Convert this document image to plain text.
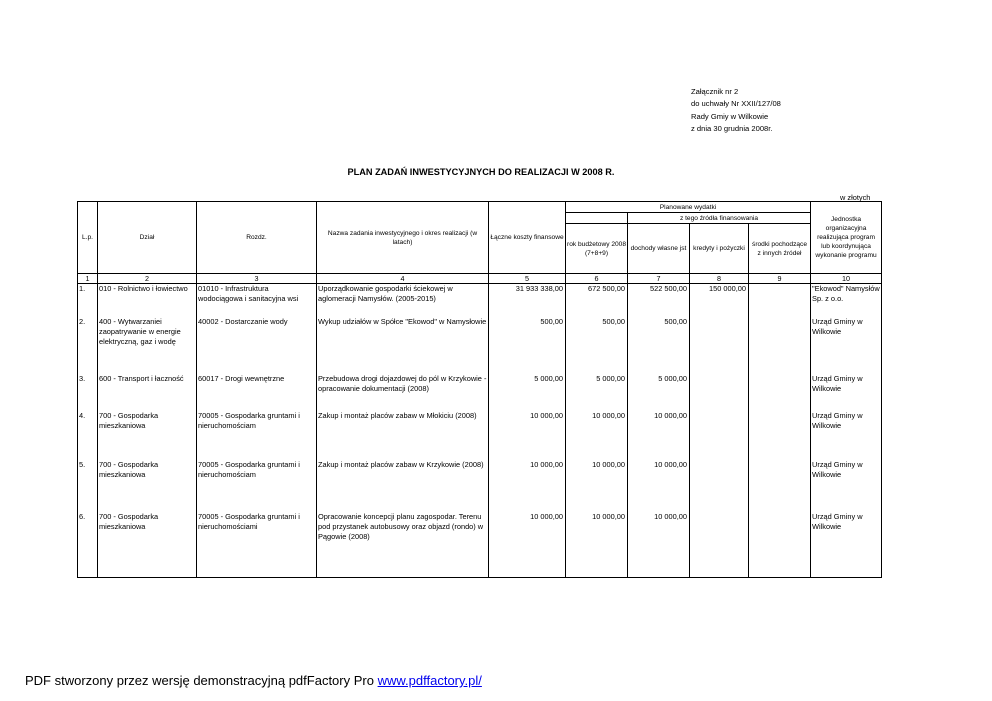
Załącznik nr 2
do uchwały Nr XXII/127/08
Rady Gmiy w Wilkowie
z dnia 30 grudnia 2008r.
PLAN ZADAŃ INWESTYCYJNYCH DO REALIZACJI W 2008 R.
w złotych
L.p.	Dział	Rozdz.	Nazwa zadania inwestycyjnego i okres realizacji (w latach)	Łączne koszty finansowe	Planowane wydatki				Jednostka organizacyjna realizująca program lub koordynująca wykonanie programu
						z tego źródła finansowania			
					rok budżetowy 2008 (7+8+9)	dochody własne jst	kredyty i pożyczki	środki pochodzące z innych źródeł	
1	2	3	4	5	6	7	8	9	10
1.	010 - Rolnictwo i łowiectwo	01010 - Infrastruktura wodociągowa i sanitacyjna wsi	Uporządkowanie gospodarki ściekowej w aglomeracji Namysłów. (2005-2015)	31 933 338,00	672 500,00	522 500,00	150 000,00		"Ekowod" Namysłów Sp. z o.o.
2.	400 - Wytwarzaniei zaopatrywanie w energie elektryczną, gaz i wodę	40002 - Dostarczanie wody	Wykup udziałów w Spółce "Ekowod" w Namysłowie	500,00	500,00	500,00			Urząd Gminy w Wilkowie
3.	600 - Transport i łaczność	60017 - Drogi wewnętrzne	Przebudowa drogi dojazdowej do pól w Krzykowie - opracowanie dokumentacji (2008)	5 000,00	5 000,00	5 000,00			Urząd Gminy w Wilkowie
4.	700 - Gospodarka mieszkaniowa	70005 - Gospodarka gruntami i nieruchomościam	Zakup i montaż placów zabaw w Młokiciu (2008)	10 000,00	10 000,00	10 000,00			Urząd Gminy w Wilkowie
5.	700 - Gospodarka mieszkaniowa	70005 - Gospodarka gruntami i nieruchomościam	Zakup i montaż placów zabaw w Krzykowie (2008)	10 000,00	10 000,00	10 000,00			Urząd Gminy w Wilkowie
6.	700 - Gospodarka mieszkaniowa	70005 - Gospodarka gruntami i nieruchomościami	Opracowanie koncepcji planu zagospodar. Terenu pod przystanek autobusowy oraz objazd (rondo) w Pągowie (2008)	10 000,00	10 000,00	10 000,00			Urząd Gminy w Wilkowie
PDF stworzony przez wersję demonstracyjną pdfFactory Pro www.pdffactory.pl/
